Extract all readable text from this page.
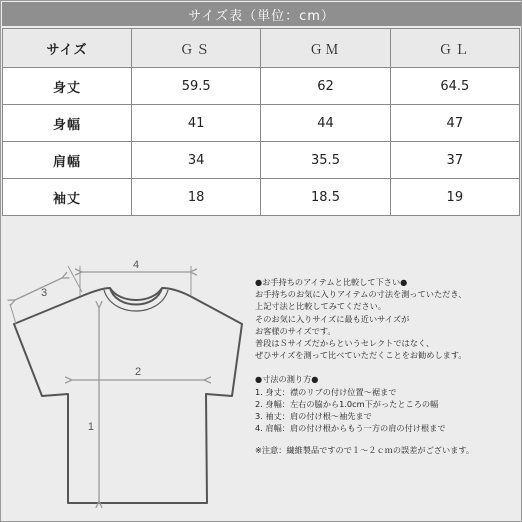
サイズ表（単位：cm）
サイズ	ＧＳ	ＧＭ	ＧＬ
身丈	59.5	62	64.5
身幅	41	44	47
肩幅	34	35.5	37
袖丈	18	18.5	19
1
2
3
4

●お手持ちのアイテムと比較して下さい●

お手持ちのお気に入りアイテムの寸法を測っていただき、

上記寸法と比較してみてください。

そのお気に入りサイズに最も近いサイズが

お客様のサイズです。

普段はＳサイズだからというセレクトではなく、

ぜひサイズを測って比べていただくことをお勧めします。

●寸法の測り方●

1. 身丈：襟のリブの付け位置～裾まで

2. 身幅：左右の脇から1.0cm下がったところの幅

3. 袖丈：肩の付け根～袖先まで

4. 肩幅：肩の付け根からもう一方の肩の付け根まで

※注意：繊維製品ですので１～２ｃｍの誤差がございます。
